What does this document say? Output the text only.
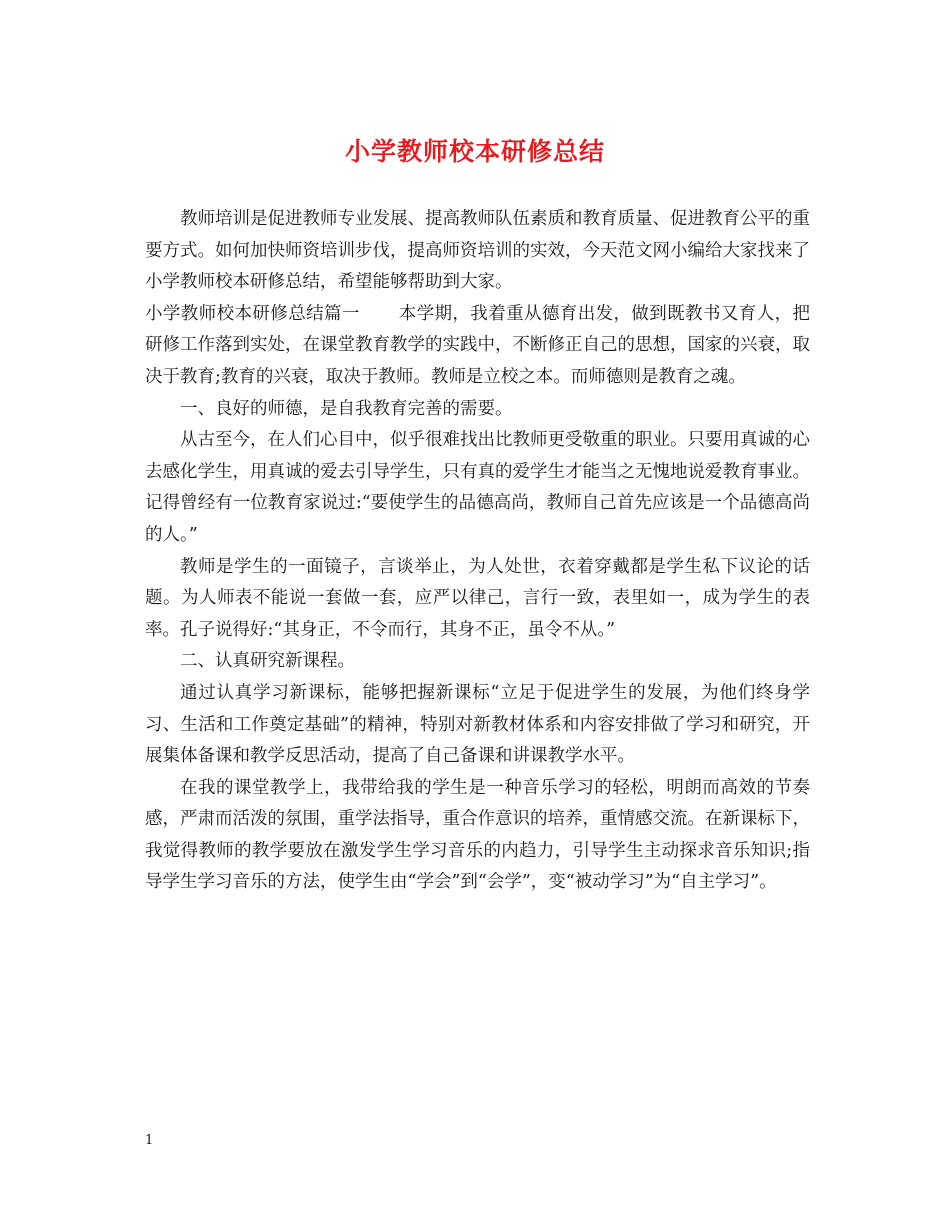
小学教师校本研修总结

教师培训是促进教师专业发展、提高教师队伍素质和教育质量、促进教育公平的重要方式。如何加快师资培训步伐，提高师资培训的实效，今天范文网小编给大家找来了小学教师校本研修总结，希望能够帮助到大家。

小学教师校本研修总结篇一 本学期，我着重从德育出发，做到既教书又育人，把研修工作落到实处，在课堂教育教学的实践中，不断修正自己的思想，国家的兴衰，取决于教育;教育的兴衰，取决于教师。教师是立校之本。而师德则是教育之魂。

一、良好的师德，是自我教育完善的需要。

从古至今，在人们心目中，似乎很难找出比教师更受敬重的职业。只要用真诚的心去感化学生，用真诚的爱去引导学生，只有真的爱学生才能当之无愧地说爱教育事业。记得曾经有一位教育家说过:“要使学生的品德高尚，教师自己首先应该是一个品德高尚的人。”

教师是学生的一面镜子，言谈举止，为人处世，衣着穿戴都是学生私下议论的话题。为人师表不能说一套做一套，应严以律己，言行一致，表里如一，成为学生的表率。孔子说得好:“其身正，不令而行，其身不正，虽令不从。”

二、认真研究新课程。

通过认真学习新课标，能够把握新课标“立足于促进学生的发展，为他们终身学习、生活和工作奠定基础”的精神，特别对新教材体系和内容安排做了学习和研究，开展集体备课和教学反思活动，提高了自己备课和讲课教学水平。

在我的课堂教学上，我带给我的学生是一种音乐学习的轻松，明朗而高效的节奏感，严肃而活泼的氛围，重学法指导，重合作意识的培养，重情感交流。在新课标下，我觉得教师的教学要放在激发学生学习音乐的内趋力，引导学生主动探求音乐知识;指导学生学习音乐的方法，使学生由“学会”到“会学”，变“被动学习”为“自主学习”。

1
